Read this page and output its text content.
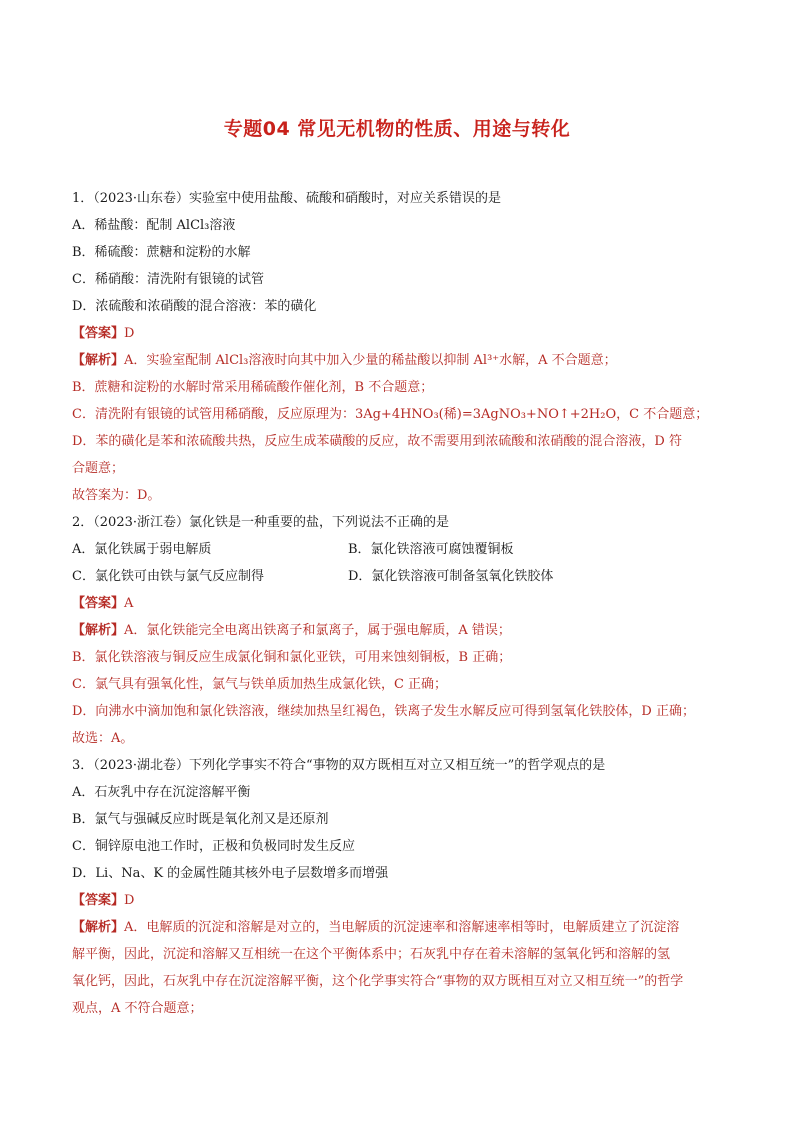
专题04 常见无机物的性质、用途与转化
1．（2023·山东卷）实验室中使用盐酸、硫酸和硝酸时，对应关系错误的是
A．稀盐酸：配制 AlCl₃溶液
B．稀硫酸：蔗糖和淀粉的水解
C．稀硝酸：清洗附有银镜的试管
D．浓硫酸和浓硝酸的混合溶液：苯的磺化
【答案】D
【解析】A．实验室配制 AlCl₃溶液时向其中加入少量的稀盐酸以抑制 Al³⁺水解，A 不合题意；
B．蔗糖和淀粉的水解时常采用稀硫酸作催化剂，B 不合题意；
C．清洗附有银镜的试管用稀硝酸，反应原理为：3Ag+4HNO₃(稀)=3AgNO₃+NO↑+2H₂O，C 不合题意；
D．苯的磺化是苯和浓硫酸共热，反应生成苯磺酸的反应，故不需要用到浓硫酸和浓硝酸的混合溶液，D 符
合题意；
故答案为：D。
2．（2023·浙江卷）氯化铁是一种重要的盐，下列说法不正确的是
A．氯化铁属于弱电解质	B．氯化铁溶液可腐蚀覆铜板
C．氯化铁可由铁与氯气反应制得	D．氯化铁溶液可制备氢氧化铁胶体
【答案】A
【解析】A．氯化铁能完全电离出铁离子和氯离子，属于强电解质，A 错误；
B．氯化铁溶液与铜反应生成氯化铜和氯化亚铁，可用来蚀刻铜板，B 正确；
C．氯气具有强氧化性，氯气与铁单质加热生成氯化铁，C 正确；
D．向沸水中滴加饱和氯化铁溶液，继续加热呈红褐色，铁离子发生水解反应可得到氢氧化铁胶体，D 正确；
故选：A。
3．（2023·湖北卷）下列化学事实不符合“事物的双方既相互对立又相互统一”的哲学观点的是
A．石灰乳中存在沉淀溶解平衡
B．氯气与强碱反应时既是氧化剂又是还原剂
C．铜锌原电池工作时，正极和负极同时发生反应
D．Li、Na、K 的金属性随其核外电子层数增多而增强
【答案】D
【解析】A．电解质的沉淀和溶解是对立的，当电解质的沉淀速率和溶解速率相等时，电解质建立了沉淀溶
解平衡，因此，沉淀和溶解又互相统一在这个平衡体系中；石灰乳中存在着未溶解的氢氧化钙和溶解的氢
氧化钙，因此，石灰乳中存在沉淀溶解平衡，这个化学事实符合“事物的双方既相互对立又相互统一”的哲学
观点，A 不符合题意；
